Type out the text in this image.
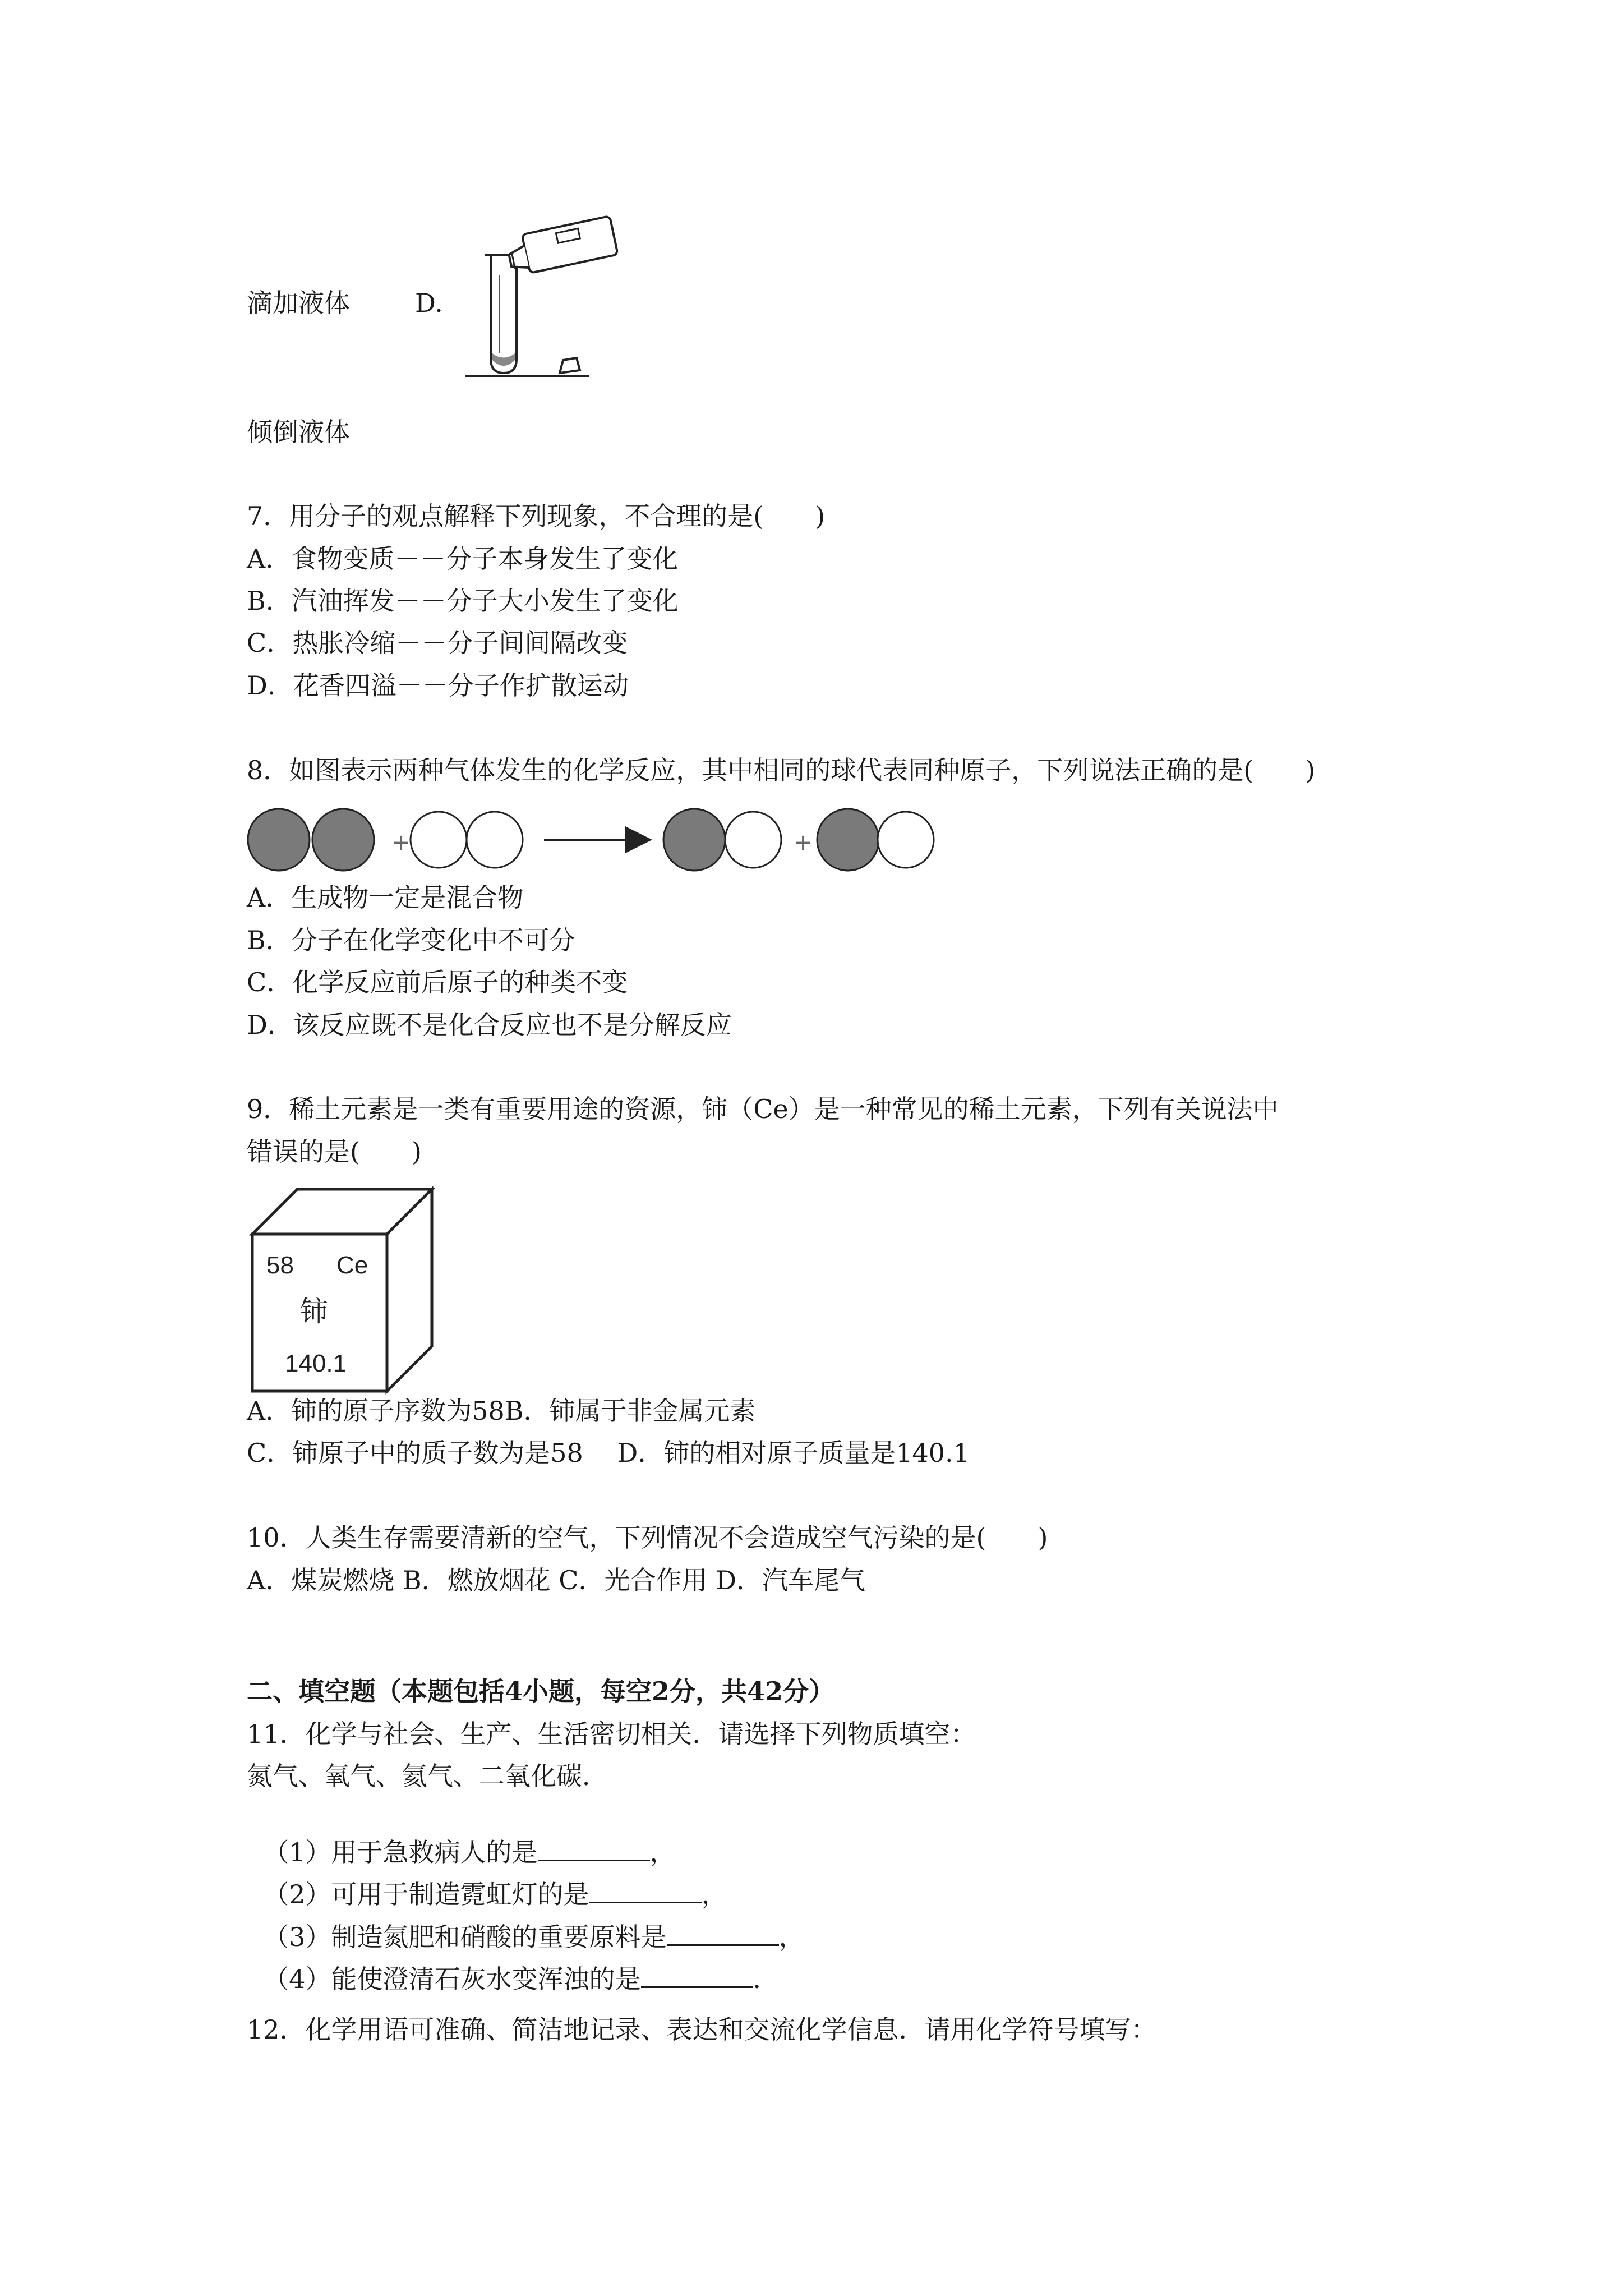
滴加液体	D.
倾倒液体
7．用分子的观点解释下列现象，不合理的是(　　)
A．食物变质－－分子本身发生了变化
B．汽油挥发－－分子大小发生了变化
C．热胀冷缩－－分子间间隔改变
D．花香四溢－－分子作扩散运动
8．如图表示两种气体发生的化学反应，其中相同的球代表同种原子，下列说法正确的是(　　)
+	+
A．生成物一定是混合物
B．分子在化学变化中不可分
C．化学反应前后原子的种类不变
D．该反应既不是化合反应也不是分解反应
9．稀土元素是一类有重要用途的资源，铈（Ce）是一种常见的稀土元素，下列有关说法中
错误的是(　　)
58 Ce
铈
140.1
A．铈的原子序数为58B．铈属于非金属元素
C．铈原子中的质子数为是58　 D．铈的相对原子质量是140.1
10．人类生存需要清新的空气，下列情况不会造成空气污染的是(　　)
A．煤炭燃烧 B．燃放烟花 C．光合作用 D．汽车尾气
二、填空题（本题包括4小题，每空2分，共42分）
11．化学与社会、生产、生活密切相关．请选择下列物质填空：
氮气、氧气、氦气、二氧化碳．

（1）用于急救病人的是	，

（2）可用于制造霓虹灯的是	，

（3）制造氮肥和硝酸的重要原料是	，

（4）能使澄清石灰水变浑浊的是	．

12．化学用语可准确、简洁地记录、表达和交流化学信息．请用化学符号填写：
